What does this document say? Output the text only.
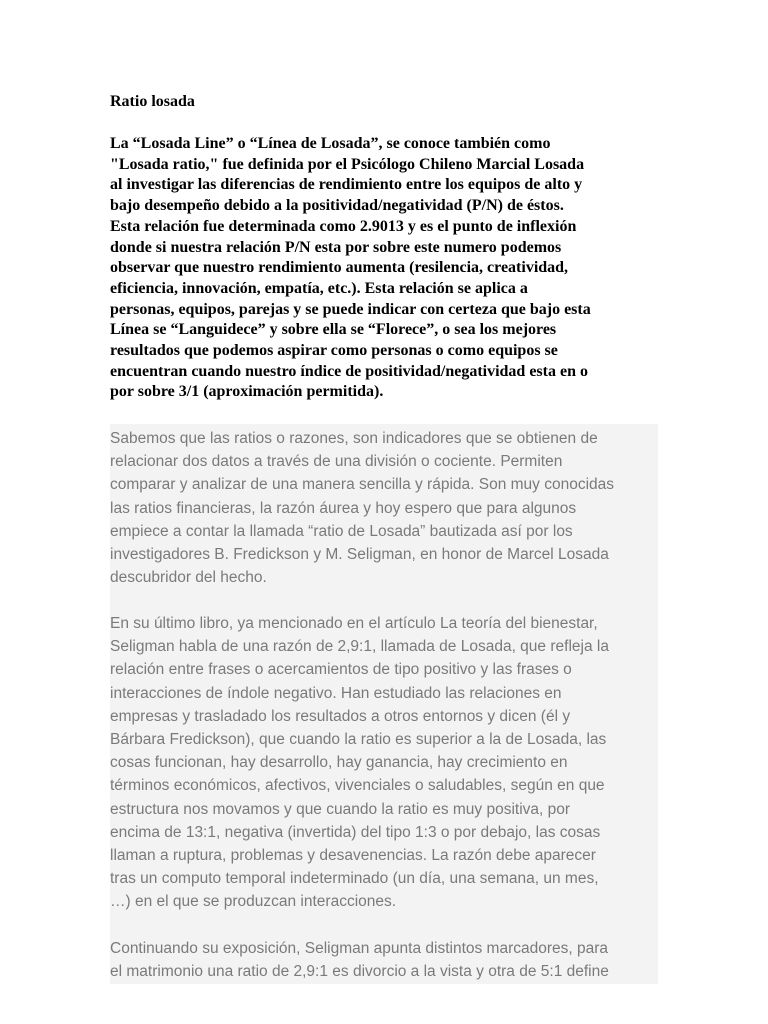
Ratio losada

La “Losada Line” o “Línea de Losada”, se conoce también como
"Losada ratio," fue definida por el Psicólogo Chileno Marcial Losada
al investigar las diferencias de rendimiento entre los equipos de alto y
bajo desempeño debido a la positividad/negatividad (P/N) de éstos.
Esta relación fue determinada como 2.9013 y es el punto de inflexión
donde si nuestra relación P/N esta por sobre este numero podemos
observar que nuestro rendimiento aumenta (resilencia, creatividad,
eficiencia, innovación, empatía, etc.). Esta relación se aplica a
personas, equipos, parejas y se puede indicar con certeza que bajo esta
Línea se “Languidece” y sobre ella se “Florece”, o sea los mejores
resultados que podemos aspirar como personas o como equipos se
encuentran cuando nuestro índice de positividad/negatividad esta en o
por sobre 3/1 (aproximación permitida).

Sabemos que las ratios o razones, son indicadores que se obtienen de
relacionar dos datos a través de una división o cociente. Permiten
comparar y analizar de una manera sencilla y rápida. Son muy conocidas
las ratios financieras, la razón áurea y hoy espero que para algunos
empiece a contar la llamada “ratio de Losada” bautizada así por los
investigadores B. Fredickson y M. Seligman, en honor de Marcel Losada
descubridor del hecho.

En su último libro, ya mencionado en el artículo La teoría del bienestar,
Seligman habla de una razón de 2,9:1, llamada de Losada, que refleja la
relación entre frases o acercamientos de tipo positivo y las frases o
interacciones de índole negativo. Han estudiado las relaciones en
empresas y trasladado los resultados a otros entornos y dicen (él y
Bárbara Fredickson), que cuando la ratio es superior a la de Losada, las
cosas funcionan, hay desarrollo, hay ganancia, hay crecimiento en
términos económicos, afectivos, vivenciales o saludables, según en que
estructura nos movamos y que cuando la ratio es muy positiva, por
encima de 13:1, negativa (invertida) del tipo 1:3 o por debajo, las cosas
llaman a ruptura, problemas y desavenencias. La razón debe aparecer
tras un computo temporal indeterminado (un día, una semana, un mes,
…) en el que se produzcan interacciones.

Continuando su exposición, Seligman apunta distintos marcadores, para
el matrimonio una ratio de 2,9:1 es divorcio a la vista y otra de 5:1 define
